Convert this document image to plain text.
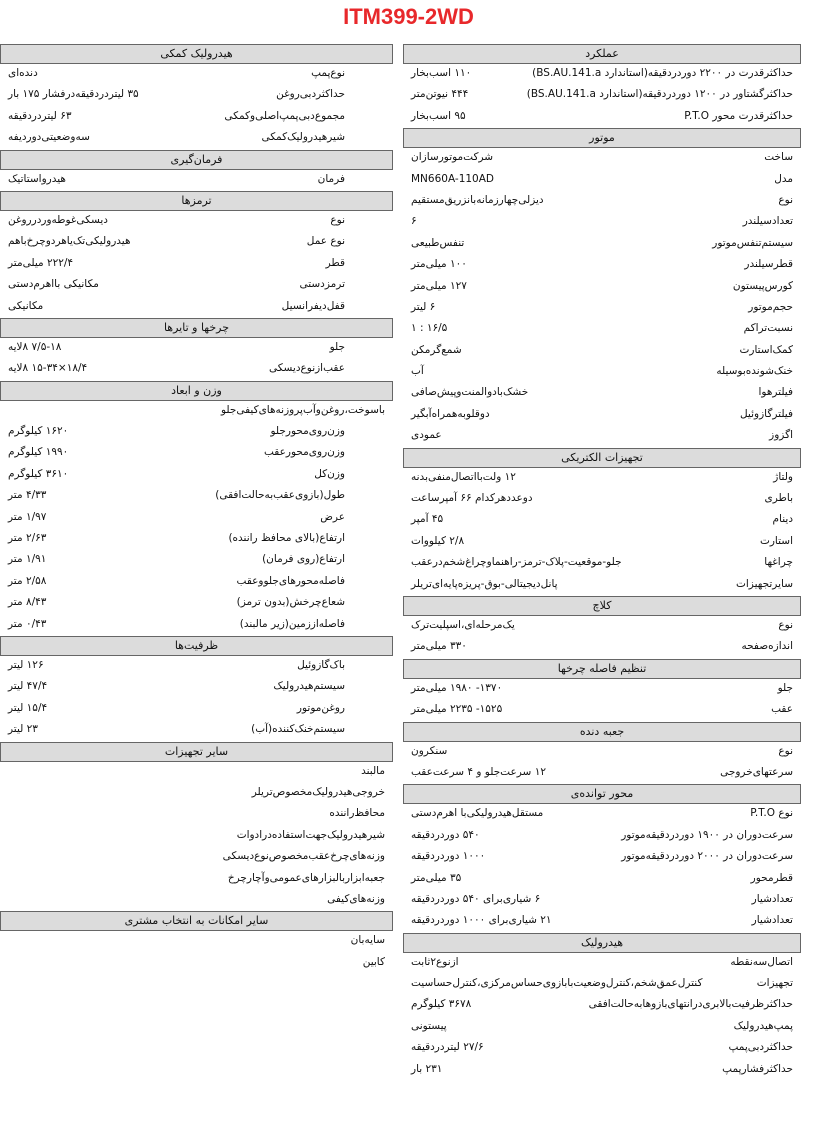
ITM399-2WD
عملکرد
حداکثرقدرت در ۲۲۰۰ دوردردقیقه(استاندارد BS.AU.141.a)
۱۱۰ اسب‌بخار
حداکثرگشتاور در ۱۲۰۰ دوردردقیقه(استاندارد BS.AU.141.a)
۴۴۴ نیوتن‌متر
حداکثرقدرت محور P.T.O
۹۵ اسب‌بخار
موتور
ساخت
شرکت‌موتورسازان
مدل
MN660A-110AD
نوع
دیزلی‌چهارزمانه‌بانزریق‌مستقیم
تعدادسیلندر
۶
سیستم‌تنفس‌موتور
تنفس‌طبیعی
قطرسیلندر
۱۰۰ میلی‌متر
کورس‌پیستون
۱۲۷ میلی‌متر
حجم‌موتور
۶ لیتر
نسبت‌تراکم
۱۶/۵ : ۱
کمک‌استارت
شمع‌گرمکن
خنک‌شونده‌بوسیله
آب
فیلترهوا
خشک‌بادوالمنت‌وپیش‌صافی
فیلترگازوئیل
دوقلوبه‌همراه‌آبگیر
اگزوز
عمودی
تجهیزات الکتریکی
ولتاژ
۱۲ ولت‌بااتصال‌منفی‌بدنه
باطری
دوعددهرکدام ۶۶ آمپرساعت
دینام
۴۵ آمپر
استارت
۲/۸ کیلووات
چراغها
جلو-موقعیت-پلاک-ترمز-راهنماوچراغ‌شخم‌درعقب
سایرتجهیزات
پانل‌دیجیتالی-بوق-پریزه‌پایه‌ای‌تریلر
کلاچ
نوع
یک‌مرحله‌ای،اسپلیت‌ترک
اندازه‌صفحه
۳۳۰ میلی‌متر
تنظیم فاصله چرخها
جلو
۱۳۷۰- ۱۹۸۰ میلی‌متر
عقب
۱۵۲۵- ۲۲۳۵ میلی‌متر
جعبه دنده
نوع
سنکرون
سرعتهای‌خروجی
۱۲ سرعت‌جلو و ۴ سرعت‌عقب
محور توانده‌ی
نوع P.T.O
مستقل‌هیدرولیکی‌با اهرم‌دستی
سرعت‌دوران در ۱۹۰۰ دوردردقیقه‌موتور
۵۴۰ دوردردقیقه
سرعت‌دوران در ۲۰۰۰ دوردردقیقه‌موتور
۱۰۰۰ دوردردقیقه
قطرمحور
۳۵ میلی‌متر
تعدادشیار
۶ شیاری‌برای ۵۴۰ دوردردقیقه
تعدادشیار
۲۱ شیاری‌برای ۱۰۰۰ دوردردقیقه
هیدرولیک
اتصال‌سه‌نقطه
ازنوع۲ثابت
تجهیزات
کنترل‌عمق‌شخم،کنترل‌وضعیت‌بابازوی‌حساس‌مرکزی،کنترل‌حساسیت
حداکثرظرفیت‌بالابری‌درانتهای‌بازوهابه‌حالت‌افقی
۳۶۷۸ کیلوگرم
پمپ‌هیدرولیک
پیستونی
حداکثردبی‌پمپ
۲۷/۶ لیتردردقیقه
حداکثرفشارپمپ
۲۳۱ بار
هیدرولیک کمکی
نوع‌پمپ
دنده‌ای
حداکثردبی‌روغن
۳۵ لیتردردقیقه‌درفشار ۱۷۵ بار
مجموع‌دبی‌پمپ‌اصلی‌وکمکی
۶۳ لیتردردقیقه
شیرهیدرولیک‌کمکی
سه‌وضعیتی‌دوردیفه
فرمان‌گیری
فرمان
هیدرواستاتیک
ترمزها
نوع
دیسکی‌غوطه‌وردرروغن
نوع عمل
هیدرولیکی‌تک‌یاهردوچرخ‌باهم
قطر
۲۲۲/۴ میلی‌متر
ترمزدستی
مکانیکی بااهرم‌دستی
قفل‌دیفرانسیل
مکانیکی
چرخها و تایرها
جلو
۷/۵-۱۸ ۸لایه
عقب‌ازنوع‌دیسکی
۱۸/۴×۱۵-۳۴ ۸لایه
وزن و ابعاد
باسوخت،روغن‌وآب‌پروزنه‌های‌کیفی‌جلو
وزن‌روی‌محورجلو
۱۶۲۰ کیلوگرم
وزن‌روی‌محورعقب
۱۹۹۰ کیلوگرم
وزن‌کل
۳۶۱۰ کیلوگرم
طول(بازوی‌عقب‌به‌حالت‌افقی)
۴/۳۳ متر
عرض
۱/۹۷ متر
ارتفاع(بالای محافظ راننده)
۲/۶۳ متر
ارتفاع(روی فرمان)
۱/۹۱ متر
فاصله‌محورهای‌جلووعقب
۲/۵۸ متر
شعاع‌چرخش(بدون ترمز)
۸/۴۳ متر
فاصله‌اززمین(زیر مالبند)
۰/۴۳ متر
ظرفیت‌ها
باک‌گازوئیل
۱۲۶ لیتر
سیستم‌هیدرولیک
۴۷/۴ لیتر
روغن‌موتور
۱۵/۴ لیتر
سیستم‌خنک‌کننده(آب)
۲۳ لیتر
سایر تجهیزات
مالبند
خروجی‌هیدرولیک‌مخصوص‌تریلر
محافظ‌راننده
شیرهیدرولیک‌جهت‌استفاده‌درادوات
وزنه‌های‌چرخ‌عقب‌مخصوص‌نوع‌دیسکی
جعبه‌ابزاربالبزارهای‌عمومی‌وآچارچرخ
وزنه‌های‌کیفی
سایر امکانات به انتخاب مشتری
سایه‌بان
کابین
